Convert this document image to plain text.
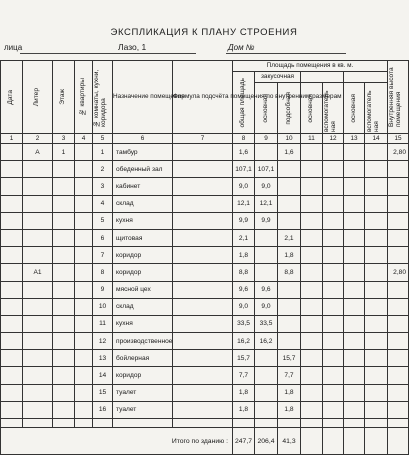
ЭКСПЛИКАЦИЯ К ПЛАНУ СТРОЕНИЯ
лица	Лазо, 1	Дом №
Дата	Литер	Этаж	№ квартиры	№ комнаты, кухни, коридора	Назначение помещения	Формула подсчёта помещения по внутренним размерам	Площадь помещения в кв. м.							Внутренняя высота помещения

							общая площадь	закусочная						

								основная	подсобная	основная	вспомогатель ная	основная	вспомогатель ная	

1	2	3	4	5	6	7	8	9	10	11	12	13	14	15
	А	1		1	тамбур		1,6		1,6					2,80
				2	обеденный зал		107,1	107,1						
				3	кабинет		9,0	9,0						
				4	склад		12,1	12,1						
				5	кухня		9,9	9,9						
				6	щитовая		2,1		2,1					
				7	коридор		1,8		1,8					
	А1			8	коридор		8,8		8,8					2,80
				9	мясной цех		9,6	9,6						
				10	склад		9,0	9,0						
				11	кухня		33,5	33,5						
				12	производственное		16,2	16,2						
				13	бойлерная		15,7		15,7					
				14	коридор		7,7		7,7					
				15	туалет		1,8		1,8					
				16	туалет		1,8		1,8					

Итого по зданию :							247,7	206,4	41,3					
